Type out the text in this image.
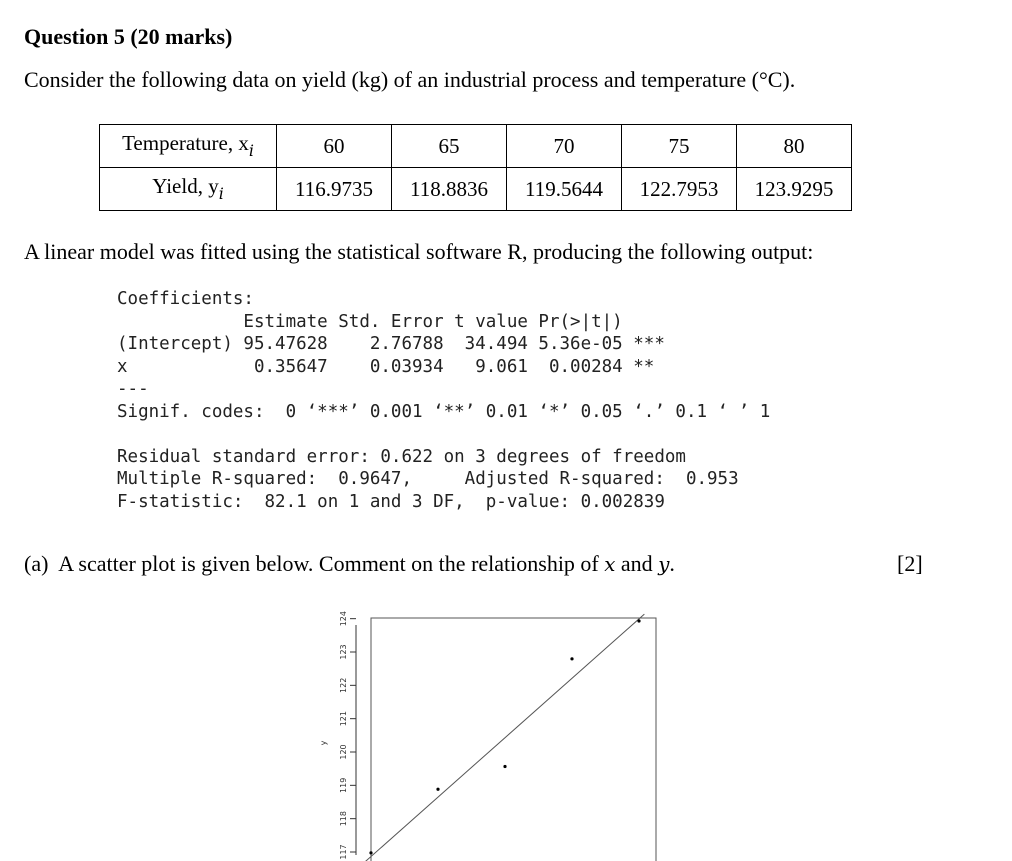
Question 5 (20 marks)
Consider the following data on yield (kg) of an industrial process and temperature (°C).
Temperature, $x_i$	60	65	70	75	80
Yield, $y_i$	116.9735	118.8836	119.5644	122.7953	123.9295
A linear model was fitted using the statistical software R, producing the following output:
Coefficients:
Estimate Std. Error t value Pr(>|t|)
(Intercept) 95.47628    2.76788  34.494 5.36e-05 ***
x            0.35647    0.03934   9.061  0.00284 **
---
Signif. codes:  0 ‘***’ 0.001 ‘**’ 0.01 ‘*’ 0.05 ‘.’ 0.1 ‘ ’ 1

Residual standard error: 0.622 on 3 degrees of freedom
Multiple R-squared:  0.9647,     Adjusted R-squared:  0.953
F-statistic:  82.1 on 1 and 3 DF,  p-value: 0.002839
(a) A scatter plot is given below. Comment on the relationship of x and y.	[2]
117
118
119
120
121
122
123
124
y
